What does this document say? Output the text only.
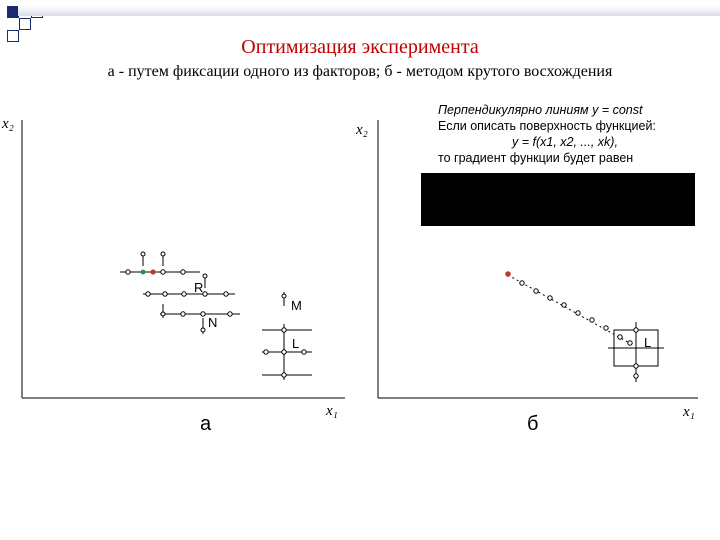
Оптимизация эксперимента
а - путем фиксации одного из факторов; б - методом крутого восхождения
Перпендикулярно линиям y = const
Если описать поверхность функцией:
y = f(x1, x2, ..., xk),
то градиент функции будет равен
x₂
x₁
R
M
N
L
а
x₂
x₁
L
б
